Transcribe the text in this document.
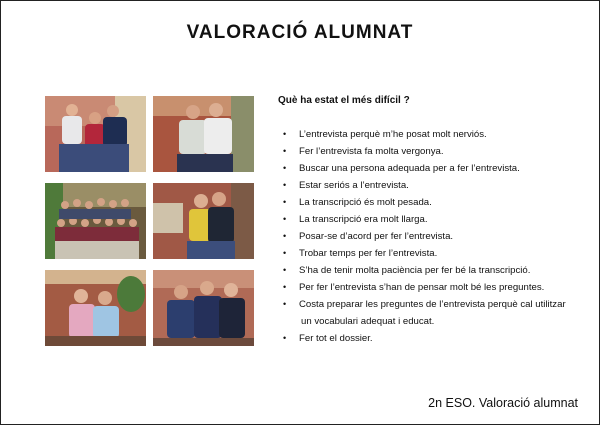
VALORACIÓ ALUMNAT
Què ha estat el més difícil ?
• L’entrevista perquè m’he posat molt nerviós.
• Fer l’entrevista fa molta vergonya.
• Buscar una persona adequada per a fer l’entrevista.
• Estar seriós a l’entrevista.
• La transcripció és molt pesada.
• La transcripció era molt llarga.
• Posar-se d’acord per fer l’entrevista.
• Trobar temps per fer l’entrevista.
• S’ha de tenir molta paciència per fer bé la transcripció.
• Per fer l’entrevista s’han de pensar molt bé les preguntes.
• Costa preparar les preguntes de l’entrevista perquè cal utilitzar
un vocabulari adequat i educat.
• Fer tot el dossier.
2n ESO. Valoració alumnat
